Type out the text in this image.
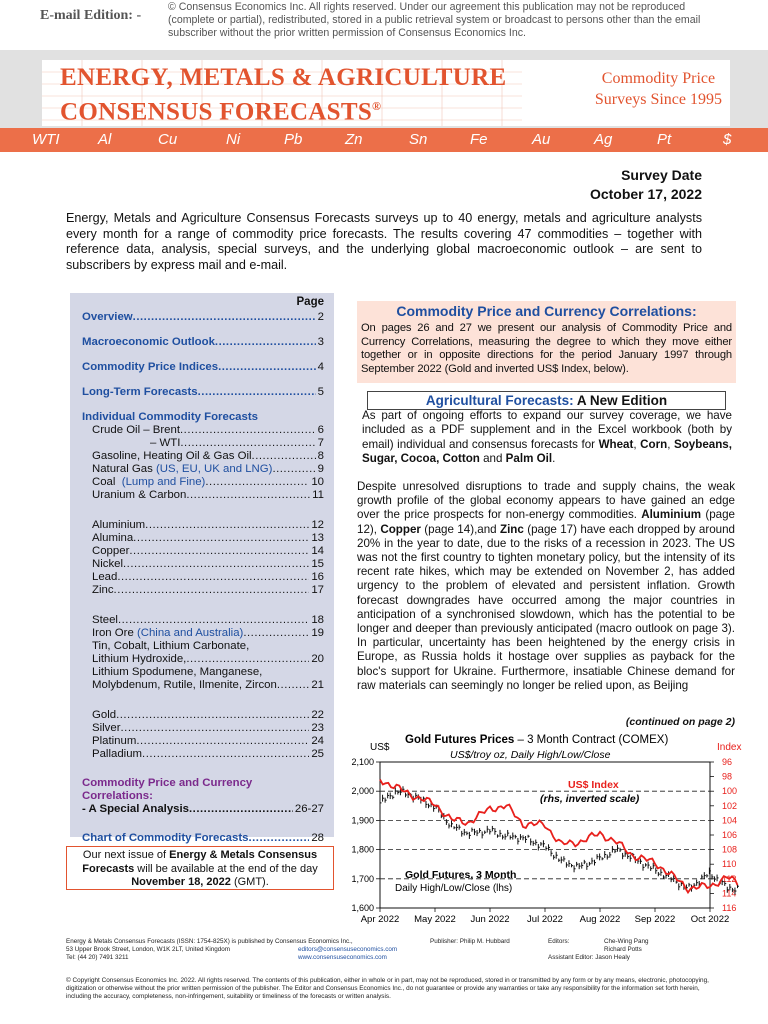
E-mail Edition: -
© Consensus Economics Inc. All rights reserved. Under our agreement this publication may not be reproduced (complete or partial), redistributed, stored in a public retrieval system or broadcast to persons other than the email subscriber without the prior written permission of Consensus Economics Inc.
ENERGY, METALS & AGRICULTURE
CONSENSUS FORECASTS®
Commodity Price
Surveys Since 1995
WTI	Al	Cu	Ni	Pb	Zn	Sn	Fe	Au	Ag	Pt	$
Survey Date
October 17, 2022
Energy, Metals and Agriculture Consensus Forecasts surveys up to 40 energy, metals and agriculture analysts every month for a range of commodity price forecasts. The results covering 47 commodities – together with reference data, analysis, special surveys, and the underlying global macroeconomic outlook – are sent to subscribers by express mail and e-mail.
Page
Overview .....	2
Macroeconomic Outlook .....	3
Commodity Price Indices .....	4
Long-Term Forecasts .....	5
Individual Commodity Forecasts
Crude Oil – Brent .....	6
– WTI .....	7
Gasoline, Heating Oil & Gas Oil .....	8
Natural Gas
(US, EU, UK and LNG) .....	9
Coal
(Lump and Fine) .....	10
Uranium & Carbon .....	11
Aluminium .....	12
Alumina .....	13
Copper .....	14
Nickel .....	15
Lead .....	16
Zinc .....	17
Steel .....	18
Iron Ore
(China and Australia) .....	19
Tin, Cobalt, Lithium Carbonate,
Lithium Hydroxide, .....	20
Lithium Spodumene, Manganese,
Molybdenum, Rutile, Ilmenite, Zircon .....	21
Gold .....	22
Silver .....	23
Platinum .....	24
Palladium .....	25
Commodity Price and Currency
Correlations:
- A Special Analysis .....	26-27
Chart of Commodity Forecasts .....	28
Our next issue of Energy & Metals Consensus Forecasts will be available at the end of the day November 18, 2022 (GMT).
Commodity Price and Currency Correlations:
On pages 26 and 27 we present our analysis of Commodity Price and Currency Correlations, measuring the degree to which they move either together or in opposite directions for the period January 1997 through September 2022 (Gold and inverted US$ Index, below).
Agricultural Forecasts: A New Edition
As part of ongoing efforts to expand our survey coverage, we have included as a PDF supplement and in the Excel workbook (both by email) individual and consensus forecasts for Wheat, Corn, Soybeans, Sugar, Cocoa, Cotton and Palm Oil.
Despite unresolved disruptions to trade and supply chains, the weak growth profile of the global economy appears to have gained an edge over the price prospects for non-energy commodities. Aluminium (page 12), Copper (page 14),and Zinc (page 17) have each dropped by around 20% in the year to date, due to the risks of a recession in 2023. The US was not the first country to tighten monetary policy, but the intensity of its recent rate hikes, which may be extended on November 2, has added urgency to the problem of elevated and persistent inflation. Growth forecast downgrades have occurred among the major countries in anticipation of a synchronised slowdown, which has the potential to be longer and deeper than previously anticipated (macro outlook on page 3). In particular, uncertainty has been heightened by the energy crisis in Europe, as Russia holds it hostage over supplies as payback for the bloc's support for Ukraine. Furthermore, insatiable Chinese demand for raw materials can seemingly no longer be relied upon, as Beijing
(continued on page 2)
Gold Futures Prices – 3 Month Contract (COMEX)
US$/troy oz, Daily High/Low/Close
US$	Index
2,100
2,000
1,900
1,800
1,700
1,600
96
98
100
102
104
106
108
110
112
114
116
Apr 2022 May 2022 Jun 2022 Jul 2022 Aug 2022 Sep 2022 Oct 2022
US$ Index
(rhs, inverted scale)
Gold Futures, 3 Month
Daily High/Low/Close (lhs)
Energy & Metals Consensus Forecasts (ISSN: 1754-825X) is published by Consensus Economics Inc.,
53 Upper Brook Street, London, W1K 2LT, United Kingdom
Tel: (44 20) 7491 3211
editors@consensuseconomics.com
www.consensuseconomics.com
Publisher: Philip M. Hubbard	Editors:	Che-Wing Pang
Richard Potts
Assistant Editor: Jason Healy
© Copyright Consensus Economics Inc. 2022. All rights reserved. The contents of this publication, either in whole or in part, may not be reproduced, stored in or transmitted by any form or by any means, electronic, photocopying, digitization or otherwise without the prior written permission of the publisher. The Editor and Consensus Economics Inc., do not guarantee or provide any warranties or take any responsibility for the information set forth herein, including the accuracy, completeness, non-infringement, suitability or timeliness of the forecasts or written analysis.
